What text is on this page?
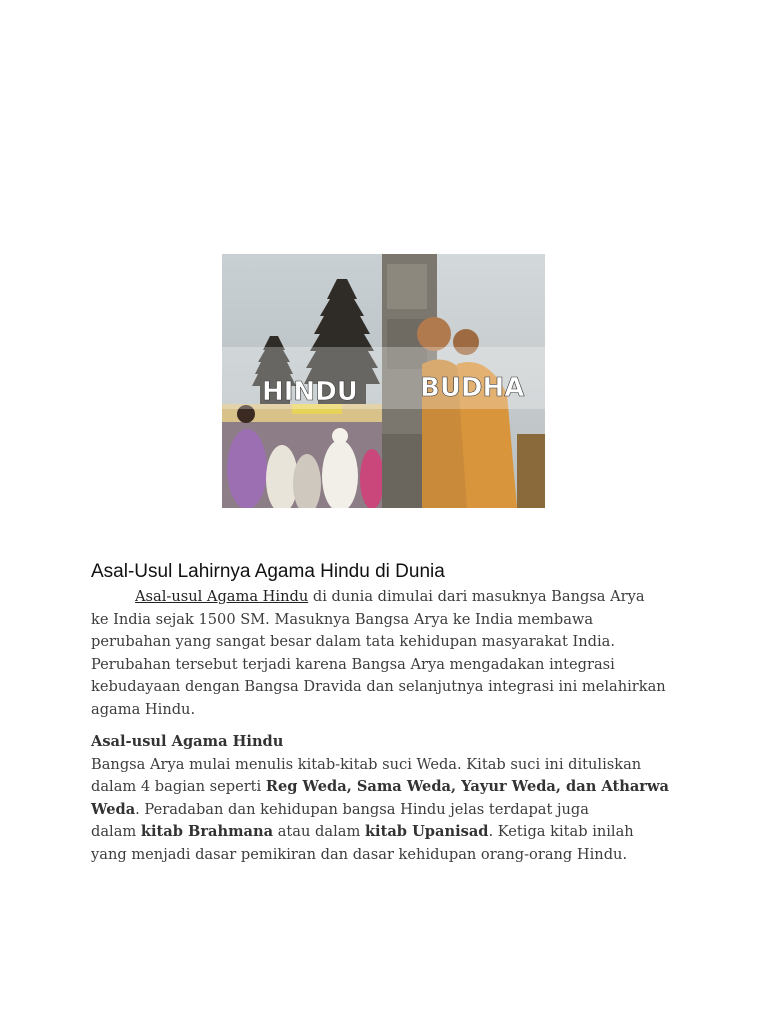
HINDU BUDHA
Asal-Usul Lahirnya Agama Hindu di Dunia
Asal-usul Agama Hindu di dunia dimulai dari masuknya Bangsa Arya
ke India sejak 1500 SM. Masuknya Bangsa Arya ke India membawa
perubahan yang sangat besar dalam tata kehidupan masyarakat India.
Perubahan tersebut terjadi karena Bangsa Arya mengadakan integrasi
kebudayaan dengan Bangsa Dravida dan selanjutnya integrasi ini melahirkan
agama Hindu.
Asal-usul Agama Hindu
Bangsa Arya mulai menulis kitab-kitab suci Weda. Kitab suci ini dituliskan
dalam 4 bagian seperti Reg Weda, Sama Weda, Yayur Weda, dan Atharwa
Weda. Peradaban dan kehidupan bangsa Hindu jelas terdapat juga
dalam kitab Brahmana atau dalam kitab Upanisad. Ketiga kitab inilah
yang menjadi dasar pemikiran dan dasar kehidupan orang-orang Hindu.
